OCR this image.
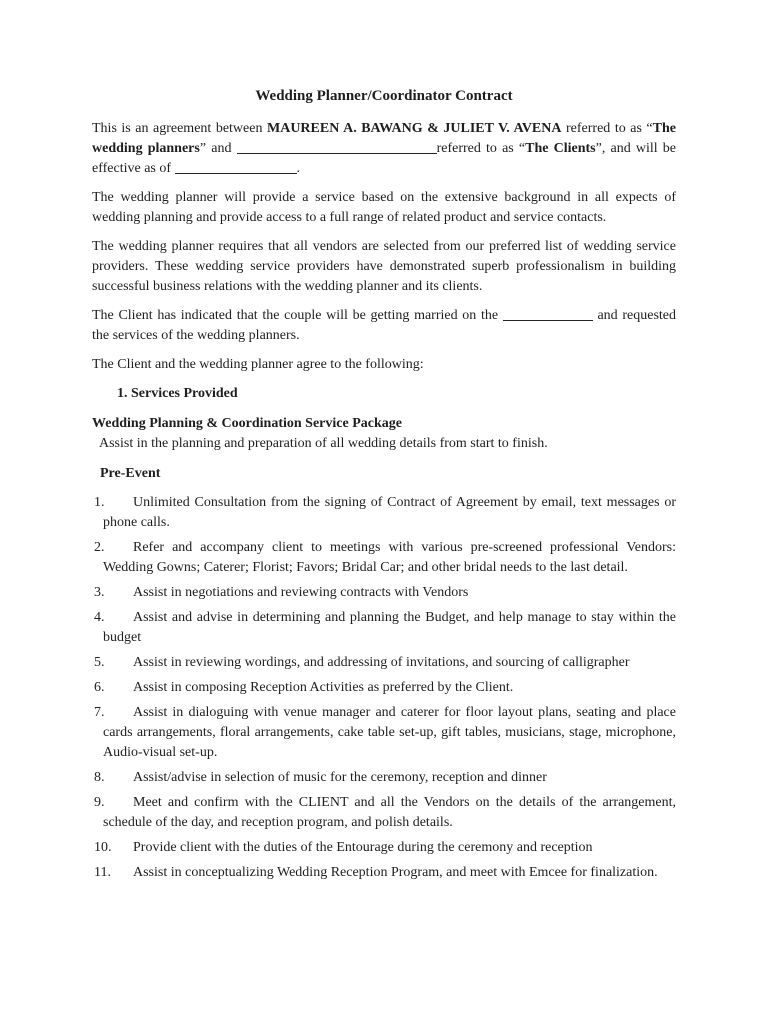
Wedding Planner/Coordinator Contract

This is an agreement between MAUREEN A. BAWANG & JULIET V. AVENA referred to as “The wedding planners” and	referred to as “The Clients”, and will be effective as of	.

The wedding planner will provide a service based on the extensive background in all expects of wedding planning and provide access to a full range of related product and service contacts.

The wedding planner requires that all vendors are selected from our preferred list of wedding service providers. These wedding service providers have demonstrated superb professionalism in building successful business relations with the wedding planner and its clients.

The Client has indicated that the couple will be getting married on the	and requested the services of the wedding planners.

The Client and the wedding planner agree to the following:

1. Services Provided
Wedding Planning & Coordination Service Package
Assist in the planning and preparation of all wedding details from start to finish.
Pre-Event
1. Unlimited Consultation from the signing of Contract of Agreement by email, text messages or phone calls.
2. Refer and accompany client to meetings with various pre-screened professional Vendors: Wedding Gowns; Caterer; Florist; Favors; Bridal Car; and other bridal needs to the last detail.
3. Assist in negotiations and reviewing contracts with Vendors
4. Assist and advise in determining and planning the Budget, and help manage to stay within the budget
5. Assist in reviewing wordings, and addressing of invitations, and sourcing of calligrapher
6. Assist in composing Reception Activities as preferred by the Client.
7. Assist in dialoguing with venue manager and caterer for floor layout plans, seating and place cards arrangements, floral arrangements, cake table set-up, gift tables, musicians, stage, microphone, Audio-visual set-up.
8. Assist/advise in selection of music for the ceremony, reception and dinner
9. Meet and confirm with the CLIENT and all the Vendors on the details of the arrangement, schedule of the day, and reception program, and polish details.
10. Provide client with the duties of the Entourage during the ceremony and reception
11. Assist in conceptualizing Wedding Reception Program, and meet with Emcee for finalization.
